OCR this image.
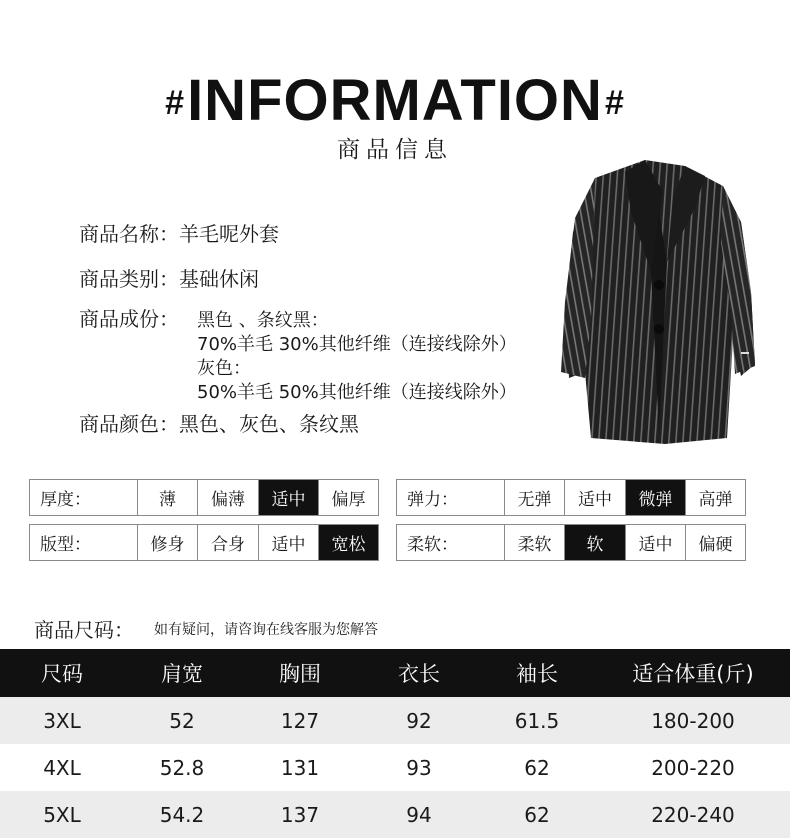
#INFORMATION#
商品信息
商品名称：羊毛呢外套
商品类别：基础休闲
商品成份： 黑色 、条纹黑：
70%羊毛 30%其他纤维（连接线除外）
灰色：
50%羊毛 50%其他纤维（连接线除外）
商品颜色：黑色、灰色、条纹黑
厚度：	薄	偏薄	适中	偏厚 弹力：	无弹	适中	微弹	高弹
版型：	修身	合身	适中	宽松 柔软：	柔软	软	适中	偏硬
商品尺码： 如有疑问，请咨询在线客服为您解答
尺码	肩宽	胸围	衣长	袖长	适合体重(斤)
3XL	52	127	92	61.5	180-200
4XL	52.8	131	93	62	200-220
5XL	54.2	137	94	62	220-240
